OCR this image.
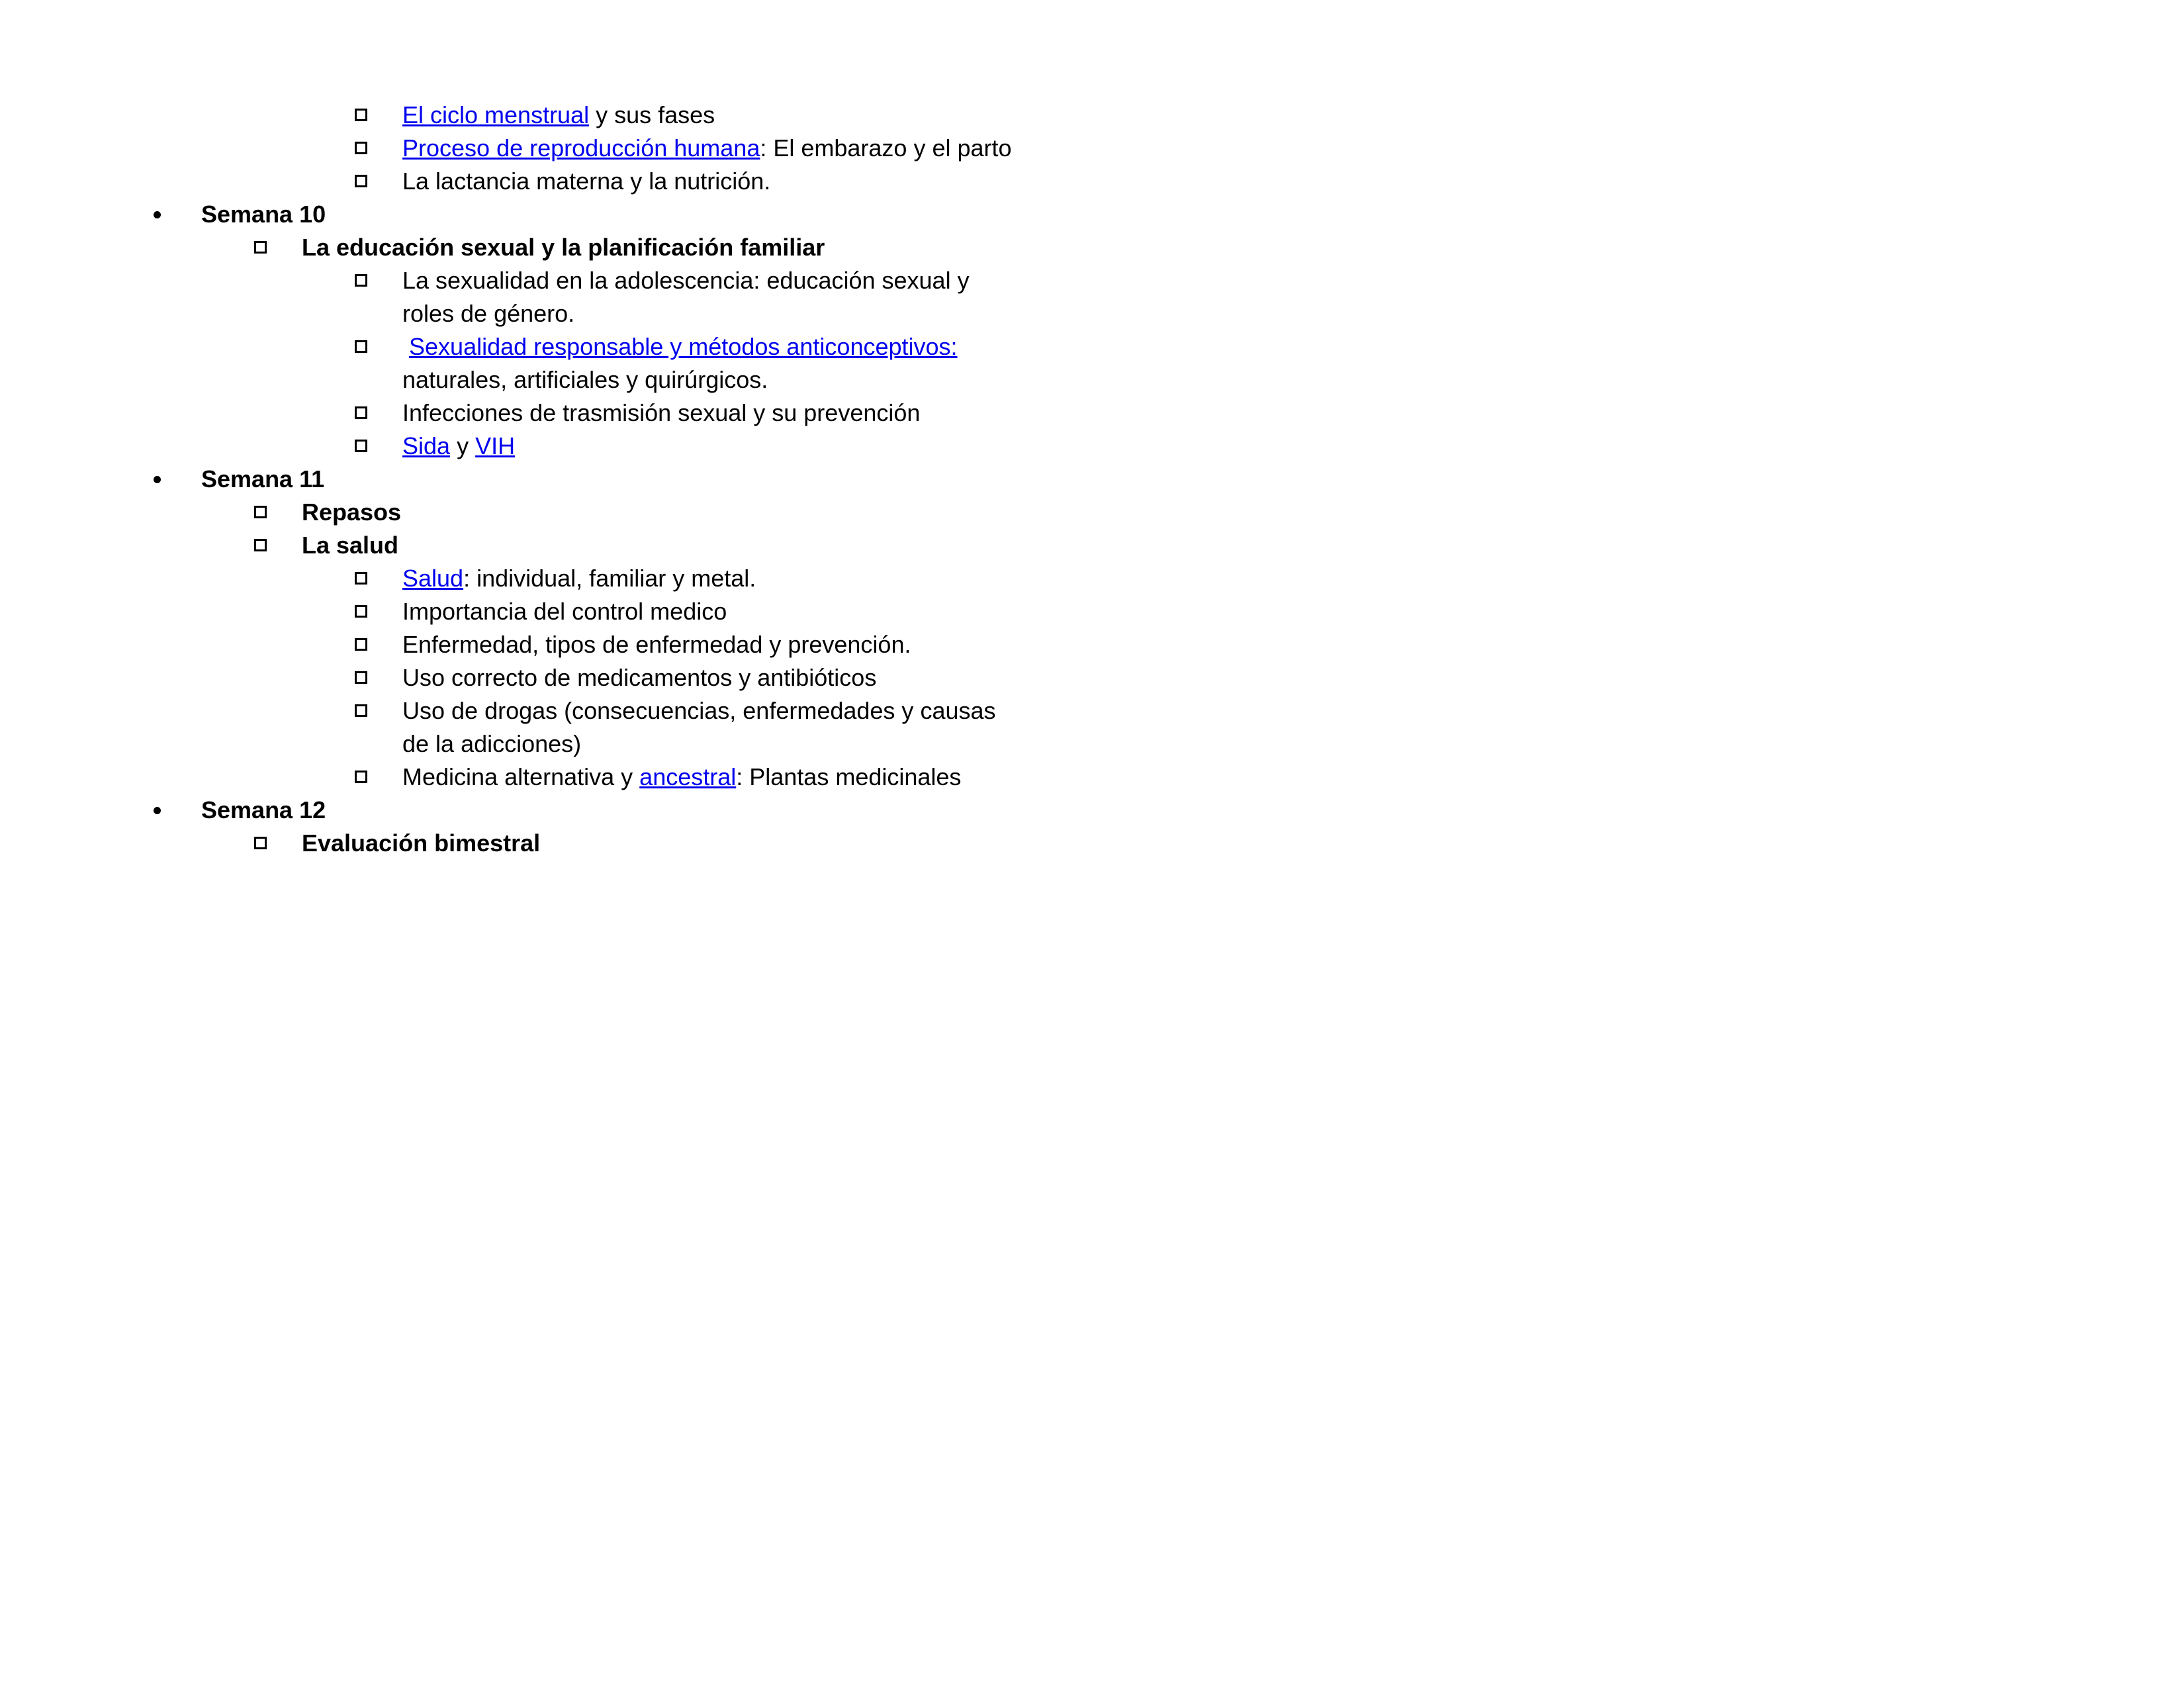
El ciclo menstrual y sus fases
Proceso de reproducción humana: El embarazo y el parto
La lactancia materna y la nutrición.
Semana 10
La educación sexual y la planificación familiar
La sexualidad en la adolescencia: educación sexual y
roles de género.
Sexualidad responsable y métodos anticonceptivos:
naturales, artificiales y quirúrgicos.
Infecciones de trasmisión sexual y su prevención
Sida y VIH
Semana 11
Repasos
La salud
Salud: individual, familiar y metal.
Importancia del control medico
Enfermedad, tipos de enfermedad y prevención.
Uso correcto de medicamentos y antibióticos
Uso de drogas (consecuencias, enfermedades y causas
de la adicciones)
Medicina alternativa y ancestral: Plantas medicinales
Semana 12
Evaluación bimestral
